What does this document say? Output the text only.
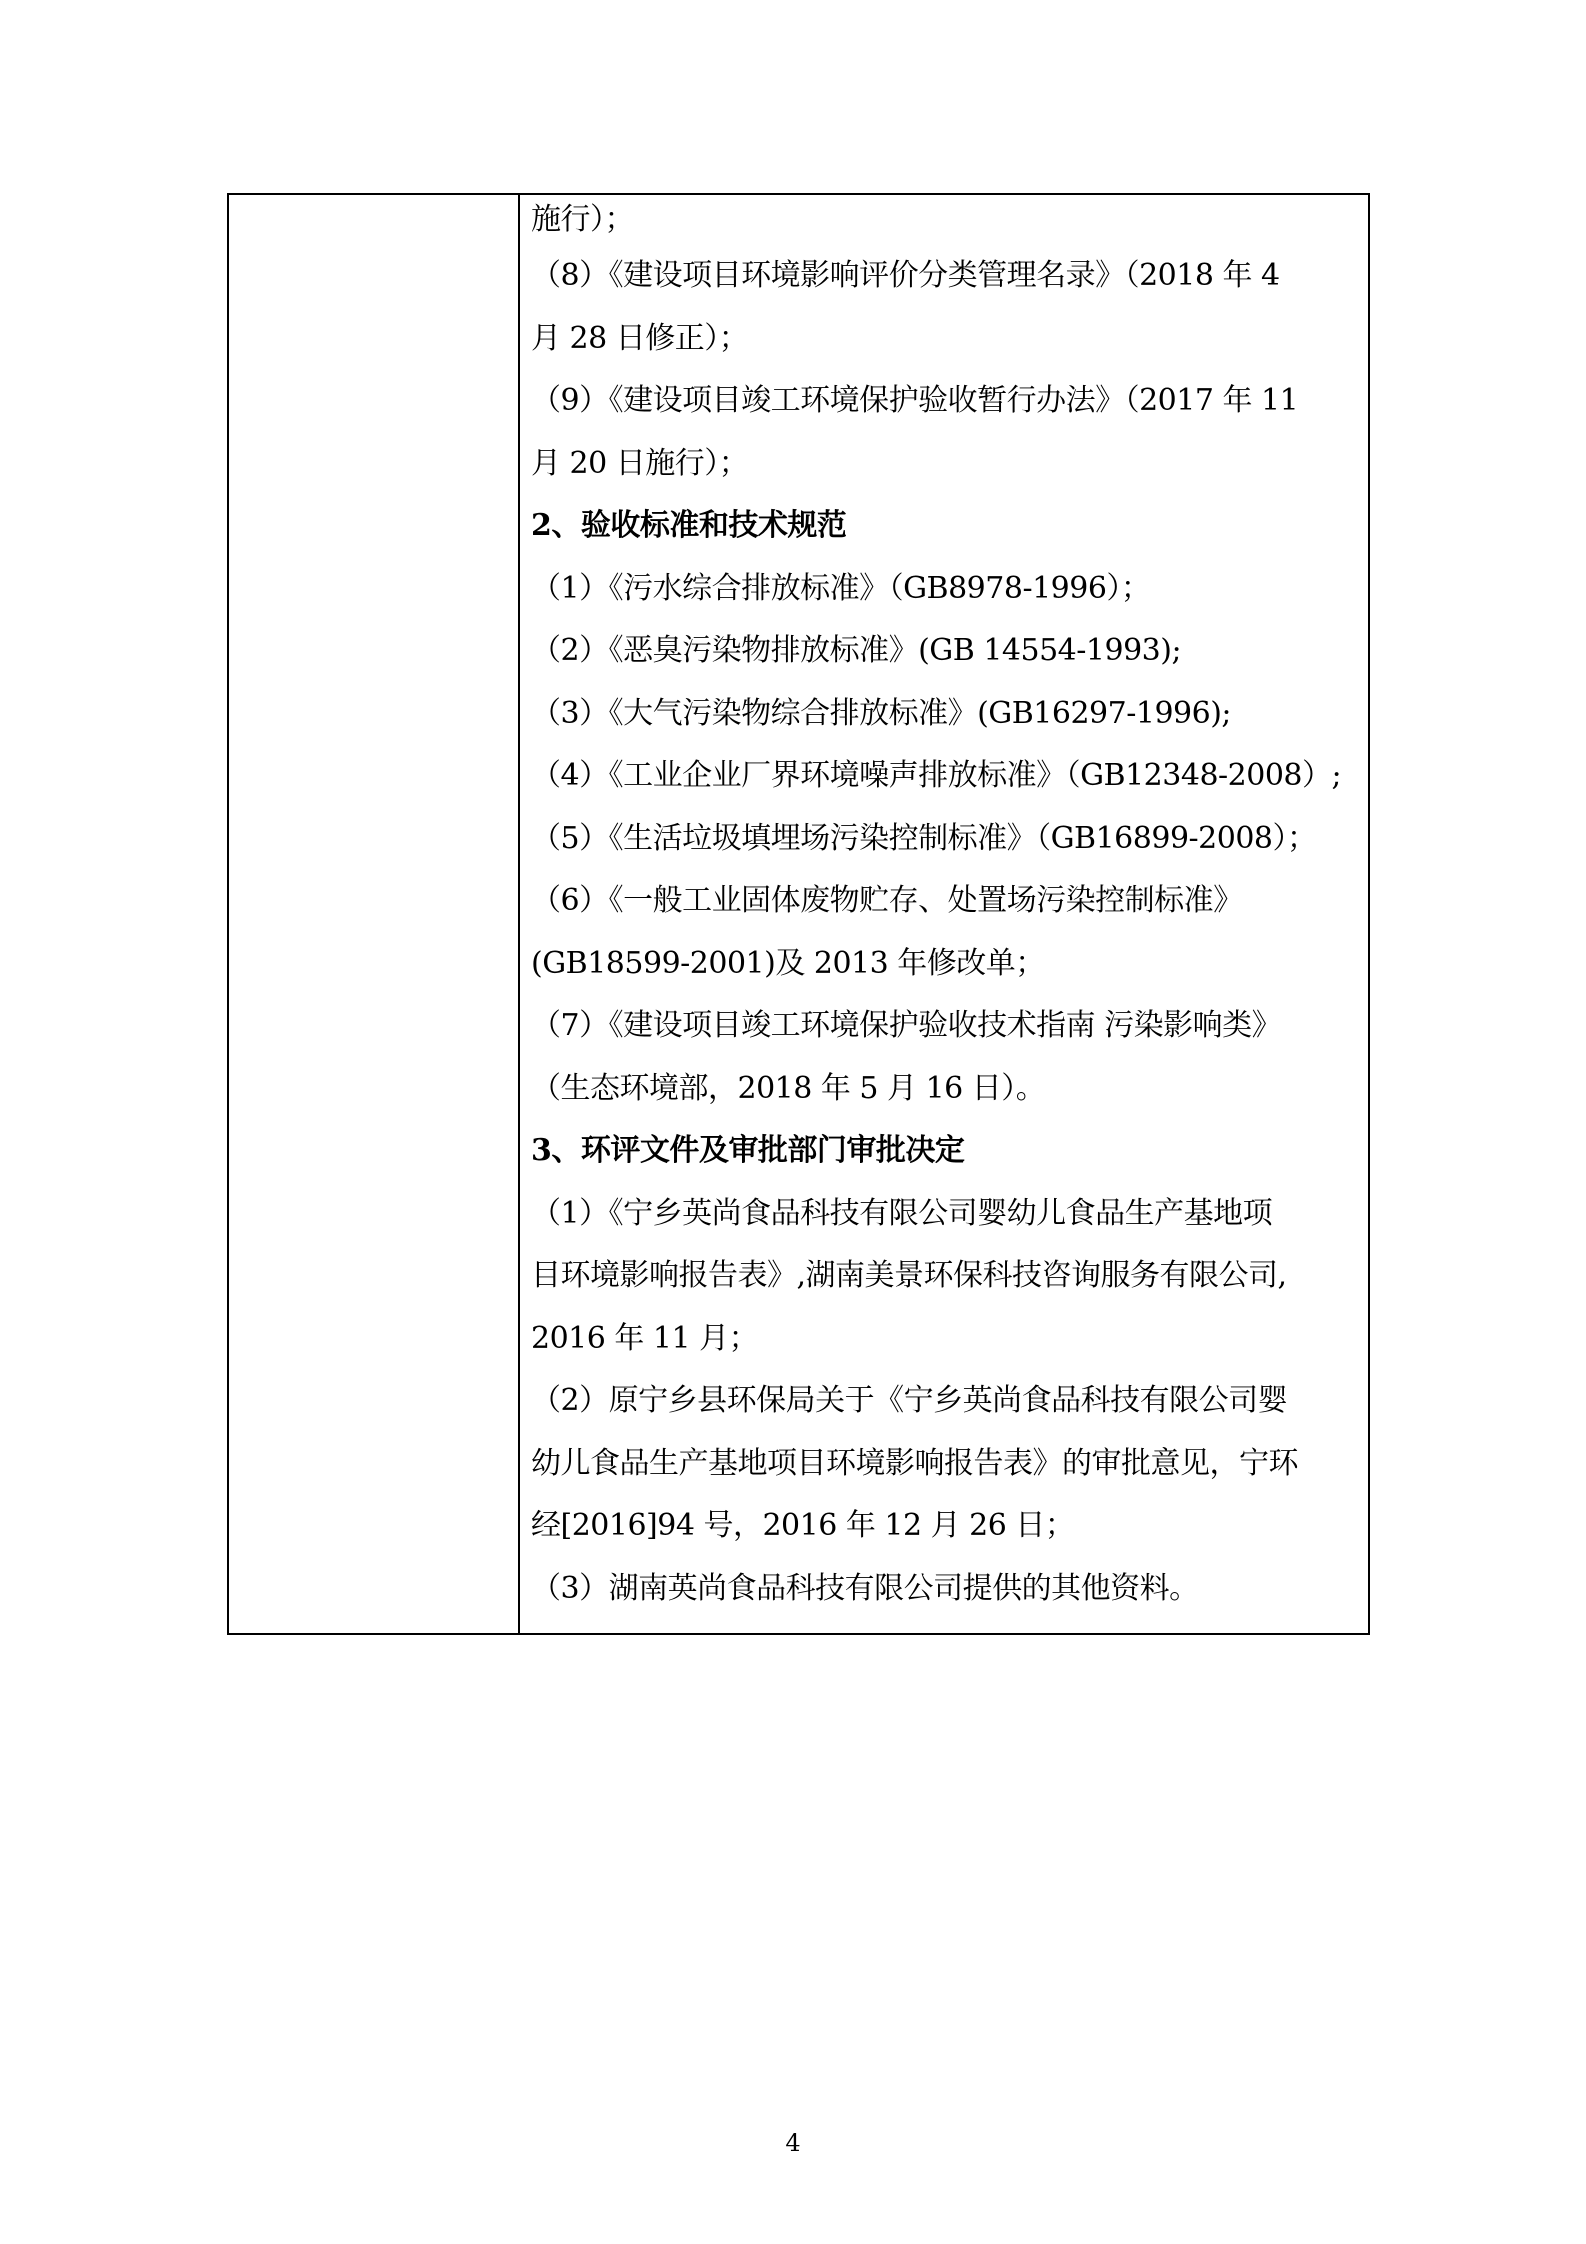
施行）；
（8）《建设项目环境影响评价分类管理名录》（2018 年 4
月 28 日修正）；
（9）《建设项目竣工环境保护验收暂行办法》（2017 年 11
月 20 日施行）；
2、验收标准和技术规范
（1）《污水综合排放标准》（GB8978-1996）；
（2）《恶臭污染物排放标准》(GB 14554-1993);
（3）《大气污染物综合排放标准》(GB16297-1996);
（4）《工业企业厂界环境噪声排放标准》（GB12348-2008）;
（5）《生活垃圾填埋场污染控制标准》（GB16899-2008）；
（6）《一般工业固体废物贮存、处置场污染控制标准》
(GB18599-2001)及 2013 年修改单；
（7）《建设项目竣工环境保护验收技术指南 污染影响类》
（生态环境部，2018 年 5 月 16 日）。
3、环评文件及审批部门审批决定
（1）《宁乡英尚食品科技有限公司婴幼儿食品生产基地项
目环境影响报告表》,湖南美景环保科技咨询服务有限公司,
2016 年 11 月；
（2）原宁乡县环保局关于《宁乡英尚食品科技有限公司婴
幼儿食品生产基地项目环境影响报告表》的审批意见，宁环
经[2016]94 号，2016 年 12 月 26 日；
（3）湖南英尚食品科技有限公司提供的其他资料。
4
